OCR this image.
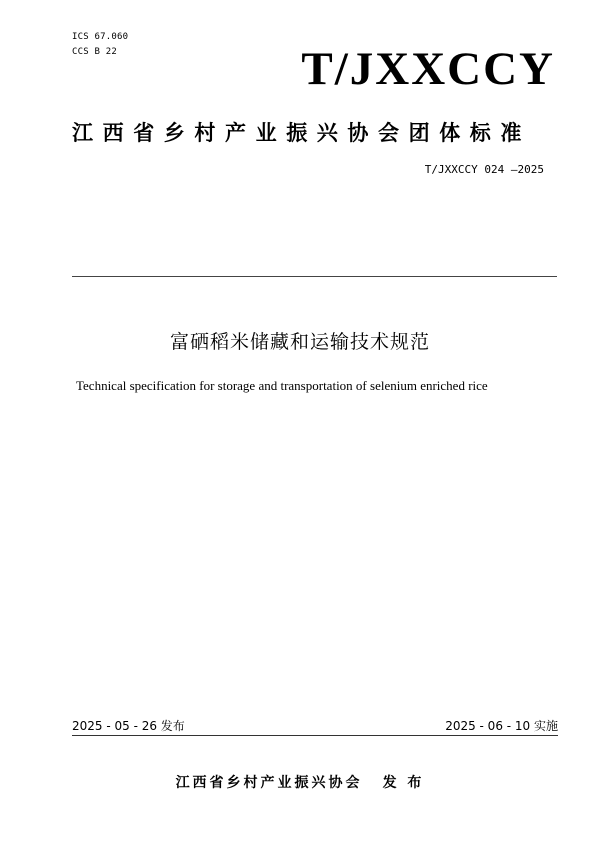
ICS 67.060
CCS B 22	T/JXXCCY
江西省乡村产业振兴协会团体标准
T/JXXCCY 024 —2025
富硒稻米储藏和运输技术规范
Technical specification for storage and transportation of selenium enriched rice
2025 - 05 - 26 发布	2025 - 06 - 10 实施
江西省乡村产业振兴协会 发 布
